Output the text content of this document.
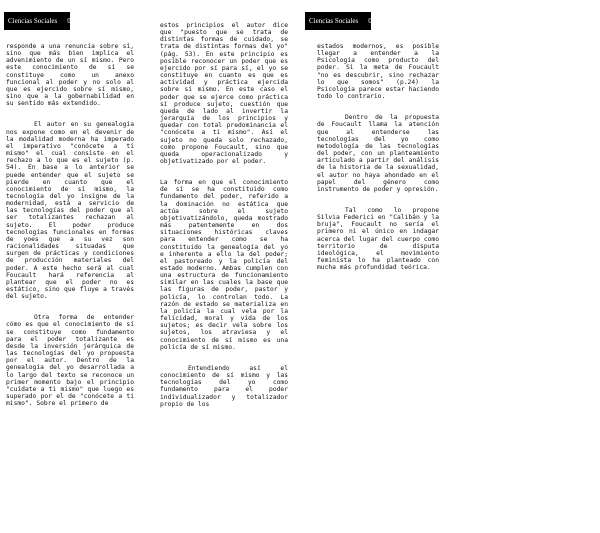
Ciencias Sociales	08

responde a una renuncia sobre sí, sino que más bien implica el advenimiento de un sí mismo. Pero este conocimiento de sí se constituye como un anexo funcional al poder y no solo al que es ejercido sobre sí mismo, sino que a la gobernabilidad en su sentido más extendido.

El autor en su genealogía nos expone como en el devenir de la modalidad moderna ha imperado el imperativo "conócete a ti mismo" el cual consiste en el rechazo a lo que es el sujeto (p. 54). En base a lo anterior se puede entender que el sujeto se pierde en cuanto que el conocimiento de sí mismo, la tecnología del yo insigne de la modernidad, está a servicio de las tecnologías del poder que al ser totalizantes rechazan al sujeto. El poder produce tecnologías funcionales en formas de yoes que a su vez son racionalidades situadas que surgen de prácticas y condiciones de producción materiales del poder. A este hecho será al cual Foucault hará referencia al plantear que el poder no es estático, sino que fluye a través del sujeto.

Otra forma de entender cómo es que el conocimiento de sí se constituye como fundamento para el poder totalizante es desde la inversión jerárquica de las tecnologías del yo propuesta por el autor. Dentro de la genealogía del yo desarrollada a lo largo del texto se reconoce un primer momento bajo el principio "cuídate a ti mismo" que luego es superado por el de "conócete a ti mismo". Sobre el primero de

estos principios el autor dice que "puesto que se trata de distintas formas de cuidado, se trata de distintas formas del yo" (pág. 53). En este principio es posible reconocer un poder que es ejercido por sí para sí, el yo se constituye en cuanto es que es actividad y práctica ejercida sobre sí mismo. En este caso el poder que se ejerce como práctica sí produce sujeto, cuestión que queda de lado al invertir la jerarquía de los principios y quedar con total predominancia el "conócete a ti mismo". Así el sujeto no queda solo rechazado, como propone Foucault, sino que queda operacionalizado y objetivatizado por el poder.

La forma en que el conocimiento de sí se ha constituido como fundamento del poder, referido a la dominación no estática que actúa sobre el sujeto objetivatizándolo, queda mostrado más patentemente en dos situaciones históricas claves para entender como se ha constituido la genealogía del yo e inherente a ello la del poder; el pastoreado y la policía del estado moderno. Ambas cumplen con una estructura de funcionamiento similar en las cuales la base que las figuras de poder, pastor y policía, lo controlan todo. La razón de estado se materializa en la policía la cual vela por la felicidad, moral y vida de los sujetos; es decir vela sobre los sujetos, los atraviesa y el conocimiento de sí mismo es una policía de sí mismo.

Entendiendo así el conocimiento de sí mismo y las tecnologías del yo como fundamento para el poder individualizador y totalizador propio de los

Ciencias Sociales	09

estados modernos, es posible llegar a entender a la Psicología como producto del poder. Si la meta de Foucault "no es descubrir, sino rechazar lo que somos" (p.24) la Psicología parece estar haciendo todo lo contrario.

Dentro de la propuesta de Foucault llama la atención que al entenderse las tecnologías del yo como metodología de las tecnologías del poder, con un planteamiento articulado a partir del análisis de la historia de la sexualidad, el autor no haya ahondado en el papel del género como instrumento de poder y opresión.

Tal como lo propone Silvia Federici en "Calibán y la bruja", Foucault no sería el primero ni el único en indagar acerca del lugar del cuerpo como territorio de disputa ideológica, el movimiento feminista lo ha planteado con mucha más profundidad teórica.
